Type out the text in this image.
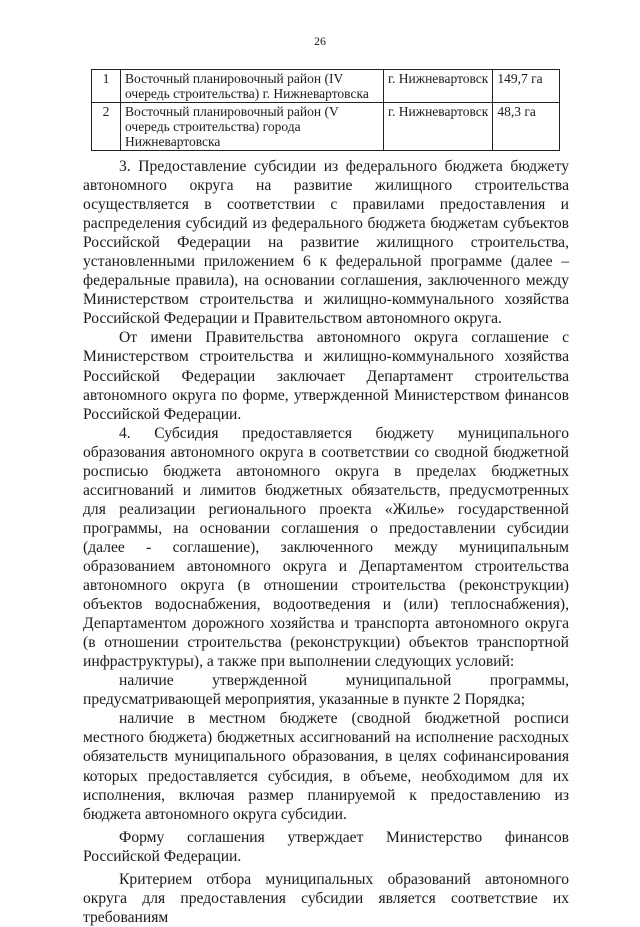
26
1	Восточный планировочный район (IV очередь строительства) г. Нижневартовска	г. Нижневартовск	149,7 га
2	Восточный планировочный район (V очередь строительства) города Нижневартовска	г. Нижневартовск	48,3 га

3. Предоставление субсидии из федерального бюджета бюджету автономного округа на развитие жилищного строительства осуществляется в соответствии с правилами предоставления и распределения субсидий из федерального бюджета бюджетам субъектов Российской Федерации на развитие жилищного строительства, установленными приложением 6 к федеральной программе (далее – федеральные правила), на основании соглашения, заключенного между Министерством строительства и жилищно-коммунального хозяйства Российской Федерации и Правительством автономного округа.

От имени Правительства автономного округа соглашение с Министерством строительства и жилищно-коммунального хозяйства Российской Федерации заключает Департамент строительства автономного округа по форме, утвержденной Министерством финансов Российской Федерации.

4. Субсидия предоставляется бюджету муниципального образования автономного округа в соответствии со сводной бюджетной росписью бюджета автономного округа в пределах бюджетных ассигнований и лимитов бюджетных обязательств, предусмотренных для реализации регионального проекта «Жилье» государственной программы, на основании соглашения о предоставлении субсидии (далее - соглашение), заключенного между муниципальным образованием автономного округа и Департаментом строительства автономного округа (в отношении строительства (реконструкции) объектов водоснабжения, водоотведения и (или) теплоснабжения), Департаментом дорожного хозяйства и транспорта автономного округа (в отношении строительства (реконструкции) объектов транспортной инфраструктуры), а также при выполнении следующих условий:

наличие утвержденной муниципальной программы, предусматривающей мероприятия, указанные в пункте 2 Порядка;

наличие в местном бюджете (сводной бюджетной росписи местного бюджета) бюджетных ассигнований на исполнение расходных обязательств муниципального образования, в целях софинансирования которых предоставляется субсидия, в объеме, необходимом для их исполнения, включая размер планируемой к предоставлению из бюджета автономного округа субсидии.

Форму соглашения утверждает Министерство финансов Российской Федерации.

Критерием отбора муниципальных образований автономного округа для предоставления субсидии является соответствие их требованиям
